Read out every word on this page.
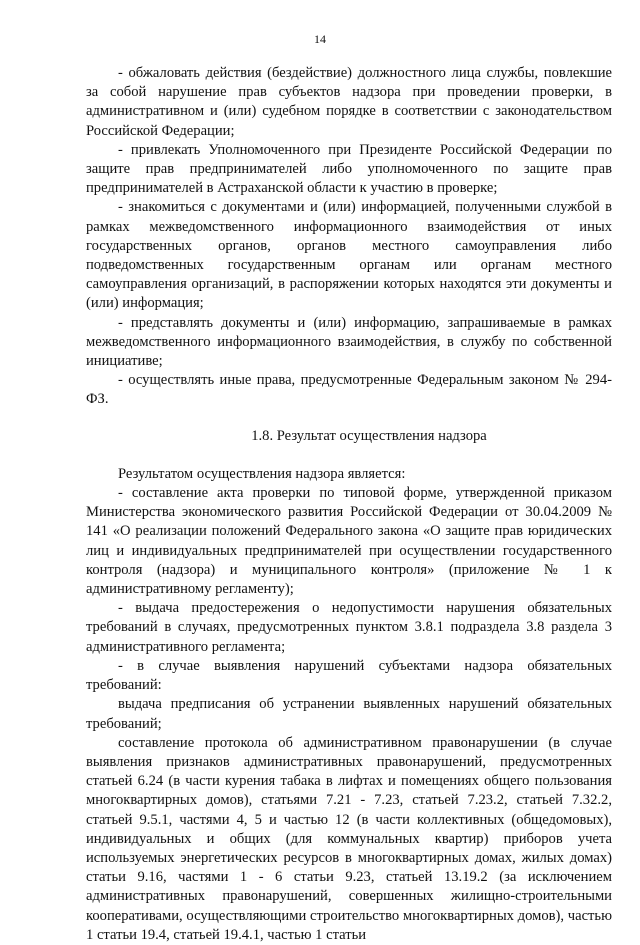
14

- обжаловать действия (бездействие) должностного лица службы, повлекшие за собой нарушение прав субъектов надзора при проведении проверки, в административном и (или) судебном порядке в соответствии с законодательством Российской Федерации;

- привлекать Уполномоченного при Президенте Российской Федерации по защите прав предпринимателей либо уполномоченного по защите прав предпринимателей в Астраханской области к участию в проверке;

- знакомиться с документами и (или) информацией, полученными службой в рамках межведомственного информационного взаимодействия от иных государственных органов, органов местного самоуправления либо подведомственных государственным органам или органам местного самоуправления организаций, в распоряжении которых находятся эти документы и (или) информация;

- представлять документы и (или) информацию, запрашиваемые в рамках межведомственного информационного взаимодействия, в службу по собственной инициативе;

- осуществлять иные права, предусмотренные Федеральным законом № 294-ФЗ.

1.8. Результат осуществления надзора

Результатом осуществления надзора является:

- составление акта проверки по типовой форме, утвержденной приказом Министерства экономического развития Российской Федерации от 30.04.2009 № 141 «О реализации положений Федерального закона «О защите прав юридических лиц и индивидуальных предпринимателей при осуществлении государственного контроля (надзора) и муниципального контроля» (приложение № 1 к административному регламенту);

- выдача предостережения о недопустимости нарушения обязательных требований в случаях, предусмотренных пунктом 3.8.1 подраздела 3.8 раздела 3 административного регламента;

- в случае выявления нарушений субъектами надзора обязательных требований:

выдача предписания об устранении выявленных нарушений обязательных требований;

составление протокола об административном правонарушении (в случае выявления признаков административных правонарушений, предусмотренных статьей 6.24 (в части курения табака в лифтах и помещениях общего пользования многоквартирных домов), статьями 7.21 - 7.23, статьей 7.23.2, статьей 7.32.2, статьей 9.5.1, частями 4, 5 и частью 12 (в части коллективных (общедомовых), индивидуальных и общих (для коммунальных квартир) приборов учета используемых энергетических ресурсов в многоквартирных домах, жилых домах) статьи 9.16, частями 1 - 6 статьи 9.23, статьей 13.19.2 (за исключением административных правонарушений, совершенных жилищно-строительными кооперативами, осуществляющими строительство многоквартирных домов), частью 1 статьи 19.4, статьей 19.4.1, частью 1 статьи
